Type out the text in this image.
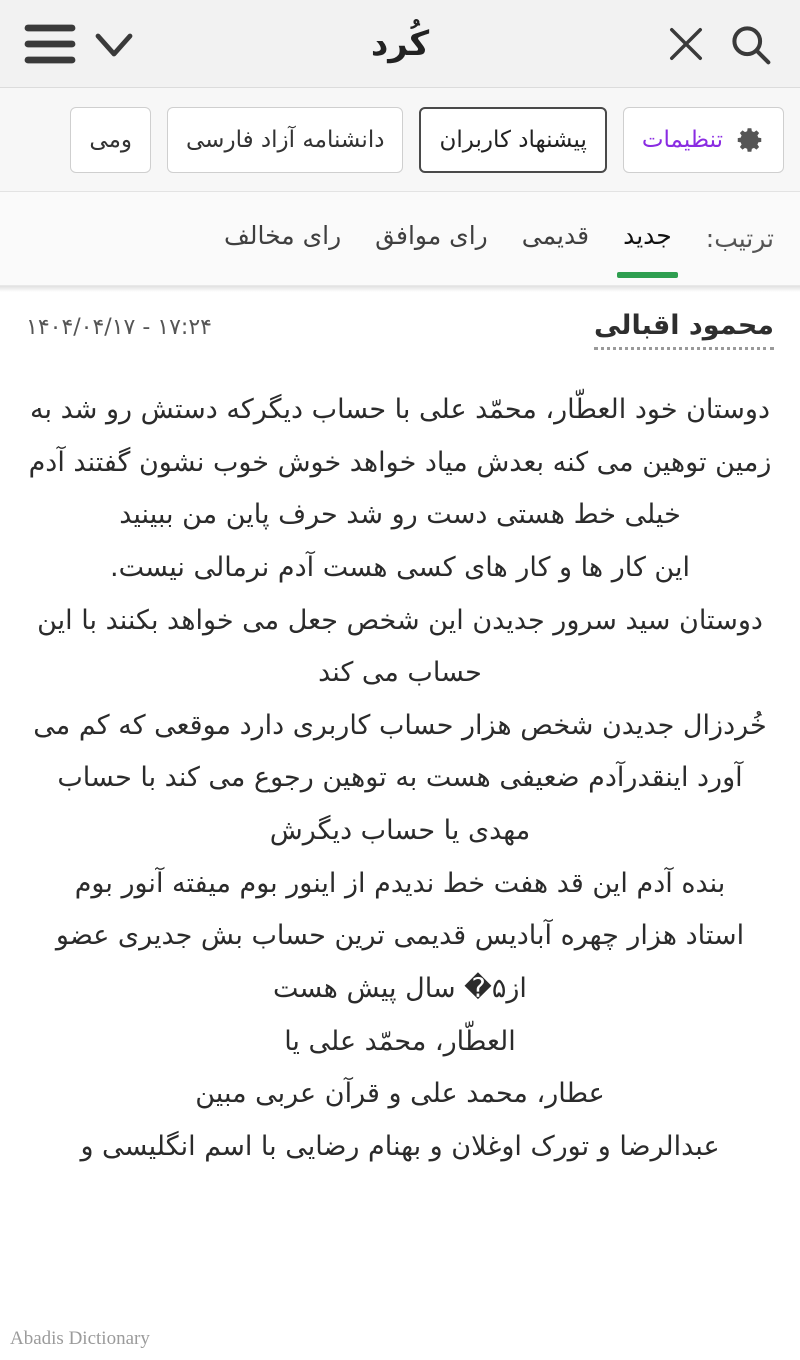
کُرد
تنظیمات
پیشنهاد کاربران
دانشنامه آزاد فارسی
ومی
ترتیب:
جدید
قدیمی
رای موافق
رای مخالف
محمود اقبالی
۱۴۰۴/۰۴/۱۷ - ۱۷:۲۴

دوستان خود العطّار، محمّد علی با حساب دیگرکه دستش رو شد به زمین توهین می کنه بعدش میاد خواهد خوش خوب نشون گفتند آدم خیلی خط هستی دست رو شد حرف پاین من ببینید

این کار ها و کار های کسی هست آدم نرمالی نیست.

دوستان سید سرور جدیدن این شخص جعل می خواهد بکنند با این حساب می کند

خُردزال جدیدن شخص هزار حساب کاربری دارد موقعی که کم می آورد اینقدرآدم ضعیفی هست به توهین رجوع می کند با حساب مهدی یا حساب دیگرش

بنده آدم این قد هفت خط ندیدم از اینور بوم میفته آنور بوم

استاد هزار چهره آبادیس قدیمی ترین حساب بش جدیری عضو از۵� سال پیش هست

العطّار، محمّد علی یا

عطار، محمد علی و قرآن عربی مبین

عبدالرضا و تورک اوغلان و بهنام رضایی با اسم انگلیسی و

Abadis Dictionary
